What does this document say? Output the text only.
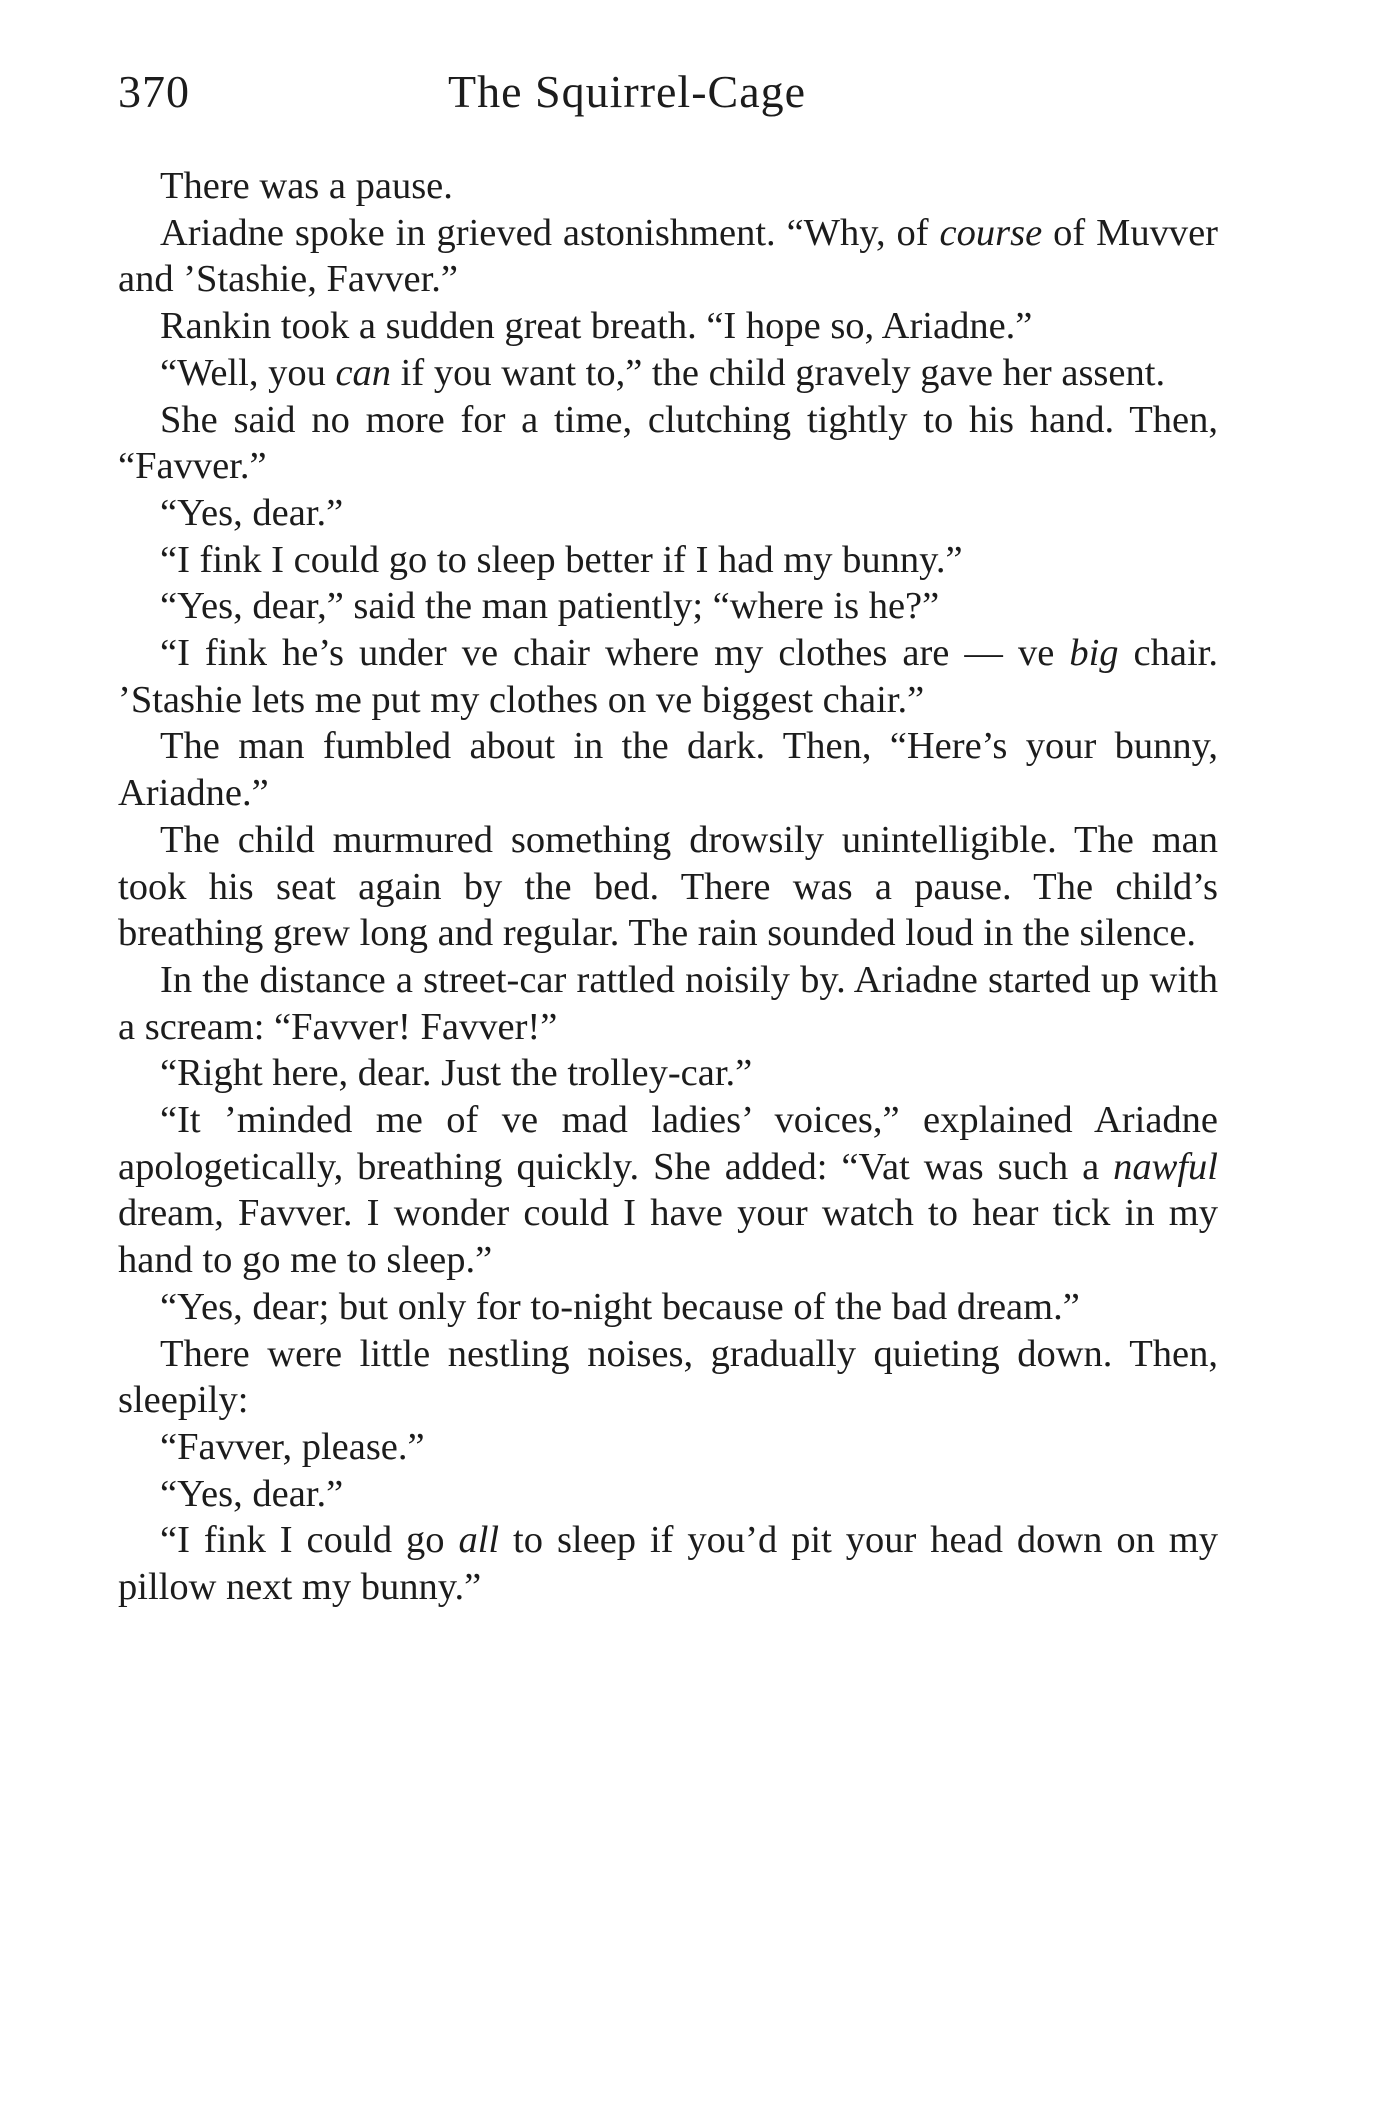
370	The Squirrel-Cage

There was a pause.

Ariadne spoke in grieved astonishment. “Why, of course of Muvver and ’Stashie, Favver.”

Rankin took a sudden great breath. “I hope so, Ariadne.”

“Well, you can if you want to,” the child gravely gave her assent.

She said no more for a time, clutching tightly to his hand. Then, “Favver.”

“Yes, dear.”

“I fink I could go to sleep better if I had my bunny.”

“Yes, dear,” said the man patiently; “where is he?”

“I fink he’s under ve chair where my clothes are — ve big chair. ’Stashie lets me put my clothes on ve biggest chair.”

The man fumbled about in the dark. Then, “Here’s your bunny, Ariadne.”

The child murmured something drowsily unintelligible. The man took his seat again by the bed. There was a pause. The child’s breathing grew long and regular. The rain sounded loud in the silence.

In the distance a street-car rattled noisily by. Ariadne started up with a scream: “Favver! Favver!”

“Right here, dear. Just the trolley-car.”

“It ’minded me of ve mad ladies’ voices,” explained Ariadne apologetically, breathing quickly. She added: “Vat was such a nawful dream, Favver. I wonder could I have your watch to hear tick in my hand to go me to sleep.”

“Yes, dear; but only for to-night because of the bad dream.”

There were little nestling noises, gradually quieting down. Then, sleepily:

“Favver, please.”

“Yes, dear.”

“I fink I could go all to sleep if you’d pit your head down on my pillow next my bunny.”
